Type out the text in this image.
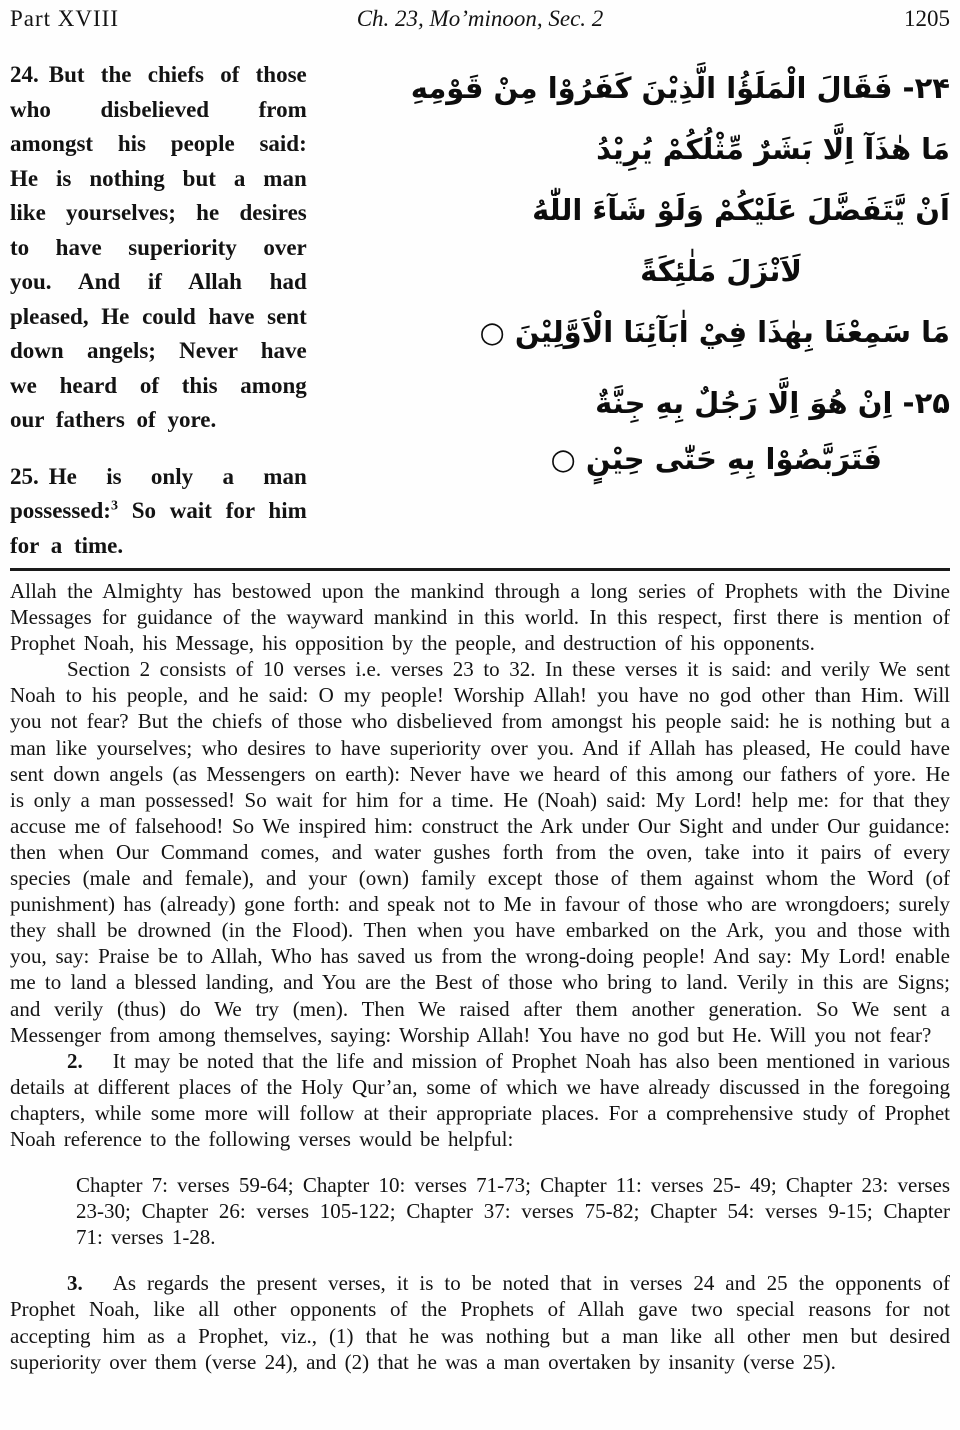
Part XVIII	Ch. 23, Mo’minoon, Sec. 2	1205

24. But the chiefs of those who disbelieved from amongst his people said: He is nothing but a man like yourselves; he desires to have superiority over you. And if Allah had pleased, He could have sent down angels; Never have we heard of this among our fathers of yore.

25. He is only a man possessed:$^3$ So wait for him for a time.

۲۴- فَقَالَ الْمَلَؤُا الَّذِيْنَ كَفَرُوْا مِنْ قَوْمِهِ
مَا هٰذَآ اِلَّا بَشَرٌ مِّثْلُكُمْ يُرِيْدُ
اَنْ يَّتَفَضَّلَ عَلَيْكُمْ وَلَوْ شَآءَ اللّٰهُ
لَاَنْزَلَ مَلٰئِكَةً
مَا سَمِعْنَا بِهٰذَا فِيْ اٰبَآئِنَا الْاَوَّلِيْنَ ○
۲۵- اِنْ هُوَ اِلَّا رَجُلٌ بِهِ جِنَّةٌ
فَتَرَبَّصُوْا بِهِ حَتّٰى حِيْنٍ ○

Allah the Almighty has bestowed upon the mankind through a long series of Prophets with the Divine Messages for guidance of the wayward mankind in this world. In this respect, first there is mention of Prophet Noah, his Message, his opposition by the people, and destruction of his opponents.

Section 2 consists of 10 verses i.e. verses 23 to 32. In these verses it is said: and verily We sent Noah to his people, and he said: O my people! Worship Allah! you have no god other than Him. Will you not fear? But the chiefs of those who disbelieved from amongst his people said: he is nothing but a man like yourselves; who desires to have superiority over you. And if Allah has pleased, He could have sent down angels (as Messengers on earth): Never have we heard of this among our fathers of yore. He is only a man possessed! So wait for him for a time. He (Noah) said: My Lord! help me: for that they accuse me of falsehood! So We inspired him: construct the Ark under Our Sight and under Our guidance: then when Our Command comes, and water gushes forth from the oven, take into it pairs of every species (male and female), and your (own) family except those of them against whom the Word (of punishment) has (already) gone forth: and speak not to Me in favour of those who are wrongdoers; surely they shall be drowned (in the Flood). Then when you have embarked on the Ark, you and those with you, say: Praise be to Allah, Who has saved us from the wrong-doing people! And say: My Lord! enable me to land a blessed landing, and You are the Best of those who bring to land. Verily in this are Signs; and verily (thus) do We try (men). Then We raised after them another generation. So We sent a Messenger from among themselves, saying: Worship Allah! You have no god but He. Will you not fear?

2. It may be noted that the life and mission of Prophet Noah has also been mentioned in various details at different places of the Holy Qur’an, some of which we have already discussed in the foregoing chapters, while some more will follow at their appropriate places. For a comprehensive study of Prophet Noah reference to the following verses would be helpful:

Chapter 7: verses 59-64; Chapter 10: verses 71-73; Chapter 11: verses 25- 49; Chapter 23: verses 23-30; Chapter 26: verses 105-122; Chapter 37: verses 75-82; Chapter 54: verses 9-15; Chapter 71: verses 1-28.

3. As regards the present verses, it is to be noted that in verses 24 and 25 the opponents of Prophet Noah, like all other opponents of the Prophets of Allah gave two special reasons for not accepting him as a Prophet, viz., (1) that he was nothing but a man like all other men but desired superiority over them (verse 24), and (2) that he was a man overtaken by insanity (verse 25).
